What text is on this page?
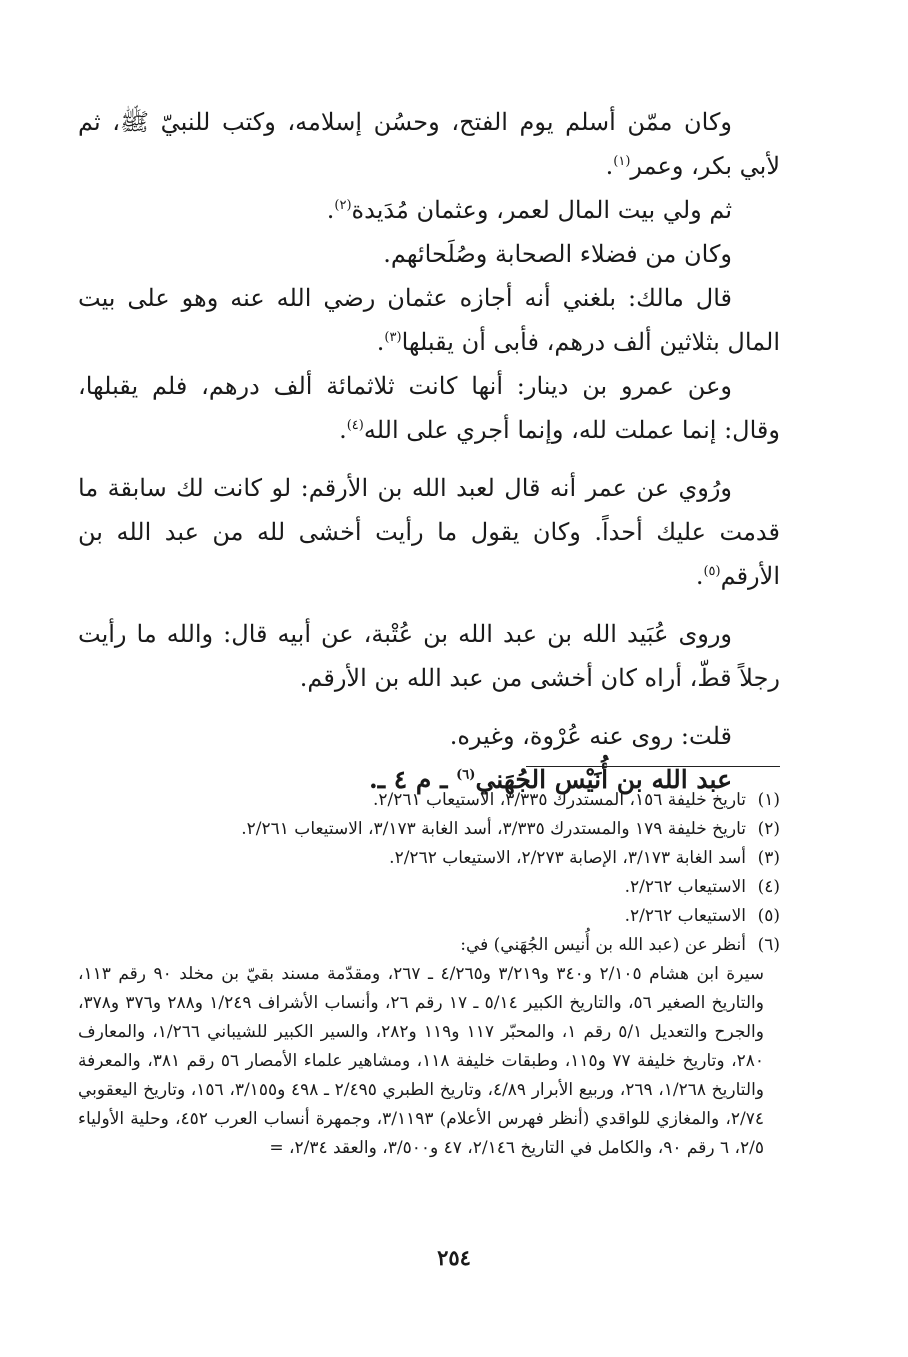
وكان ممّن أسلم يوم الفتح، وحسُن إسلامه، وكتب للنبيّ ﷺ، ثم لأبي بكر، وعمر$^{(١)}$.

ثم ولي بيت المال لعمر، وعثمان مُدَيدة$^{(٢)}$.

وكان من فضلاء الصحابة وصُلَحائهم.

قال مالك: بلغني أنه أجازه عثمان رضي الله عنه وهو على بيت المال بثلاثين ألف درهم، فأبى أن يقبلها$^{(٣)}$.

وعن عمرو بن دينار: أنها كانت ثلاثمائة ألف درهم، فلم يقبلها، وقال: إنما عملت لله، وإنما أجري على الله$^{(٤)}$.

ورُوي عن عمر أنه قال لعبد الله بن الأرقم: لو كانت لك سابقة ما قدمت عليك أحداً. وكان يقول ما رأيت أخشى لله من عبد الله بن الأرقم$^{(٥)}$.

وروى عُبَيد الله بن عبد الله بن عُتْبة، عن أبيه قال: والله ما رأيت رجلاً قطّ، أراه كان أخشى من عبد الله بن الأرقم.

قلت: روى عنه عُرْوة، وغيره.

عبد الله بن أُنَيْس الجُهَني$^{(٦)}$ ـ م ٤ ـ.

(١)
تاريخ خليفة ١٥٦، المستدرك ٣/٣٣٥، الاستيعاب ٢/٢٦١.
(٢)
تاريخ خليفة ١٧٩ والمستدرك ٣/٣٣٥، أسد الغابة ٣/١٧٣، الاستيعاب ٢/٢٦١.
(٣)
أسد الغابة ٣/١٧٣، الإصابة ٢/٢٧٣، الاستيعاب ٢/٢٦٢.
(٤)
الاستيعاب ٢/٢٦٢.
(٥)
الاستيعاب ٢/٢٦٢.
(٦)
أنظر عن (عبد الله بن أُنيس الجُهَني) في:

سيرة ابن هشام ٢/١٠٥ و٣٤٠ و٣/٢١٩ و٤/٢٦٥ ـ ٢٦٧، ومقدّمة مسند بقيّ بن مخلد ٩٠ رقم ١١٣، والتاريخ الصغير ٥٦، والتاريخ الكبير ٥/١٤ ـ ١٧ رقم ٢٦، وأنساب الأشراف ١/٢٤٩ و٢٨٨ و٣٧٦ و٣٧٨، والجرح والتعديل ٥/١ رقم ١، والمحبّر ١١٧ و١١٩ و٢٨٢، والسير الكبير للشيباني ١/٢٦٦، والمعارف ٢٨٠، وتاريخ خليفة ٧٧ و١١٥، وطبقات خليفة ١١٨، ومشاهير علماء الأمصار ٥٦ رقم ٣٨١، والمعرفة والتاريخ ١/٢٦٨، ٢٦٩، وربيع الأبرار ٤/٨٩، وتاريخ الطبري ٢/٤٩٥ ـ ٤٩٨ و٣/١٥٥، ١٥٦، وتاريخ اليعقوبي ٢/٧٤، والمغازي للواقدي (أنظر فهرس الأعلام) ٣/١١٩٣، وجمهرة أنساب العرب ٤٥٢، وحلية الأولياء ٢/٥، ٦ رقم ٩٠، والكامل في التاريخ ٢/١٤٦، ٤٧ و٣/٥٠٠، والعقد ٢/٣٤، =

٢٥٤
